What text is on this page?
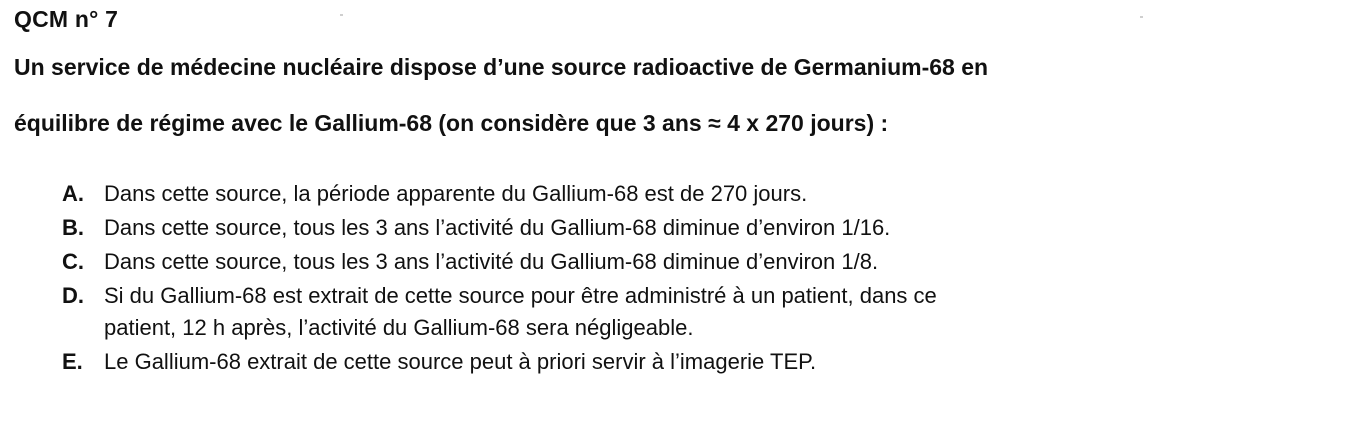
QCM n° 7
Un service de médecine nucléaire dispose d’une source radioactive de Germanium-68 en
équilibre de régime avec le Gallium-68 (on considère que 3 ans ≈ 4 x 270 jours) :
A. Dans cette source, la période apparente du Gallium-68 est de 270 jours.
B. Dans cette source, tous les 3 ans l’activité du Gallium-68 diminue d’environ 1/16.
C. Dans cette source, tous les 3 ans l’activité du Gallium-68 diminue d’environ 1/8.
D. Si du Gallium-68 est extrait de cette source pour être administré à un patient, dans ce
patient, 12 h après, l’activité du Gallium-68 sera négligeable.
E. Le Gallium-68 extrait de cette source peut à priori servir à l’imagerie TEP.
